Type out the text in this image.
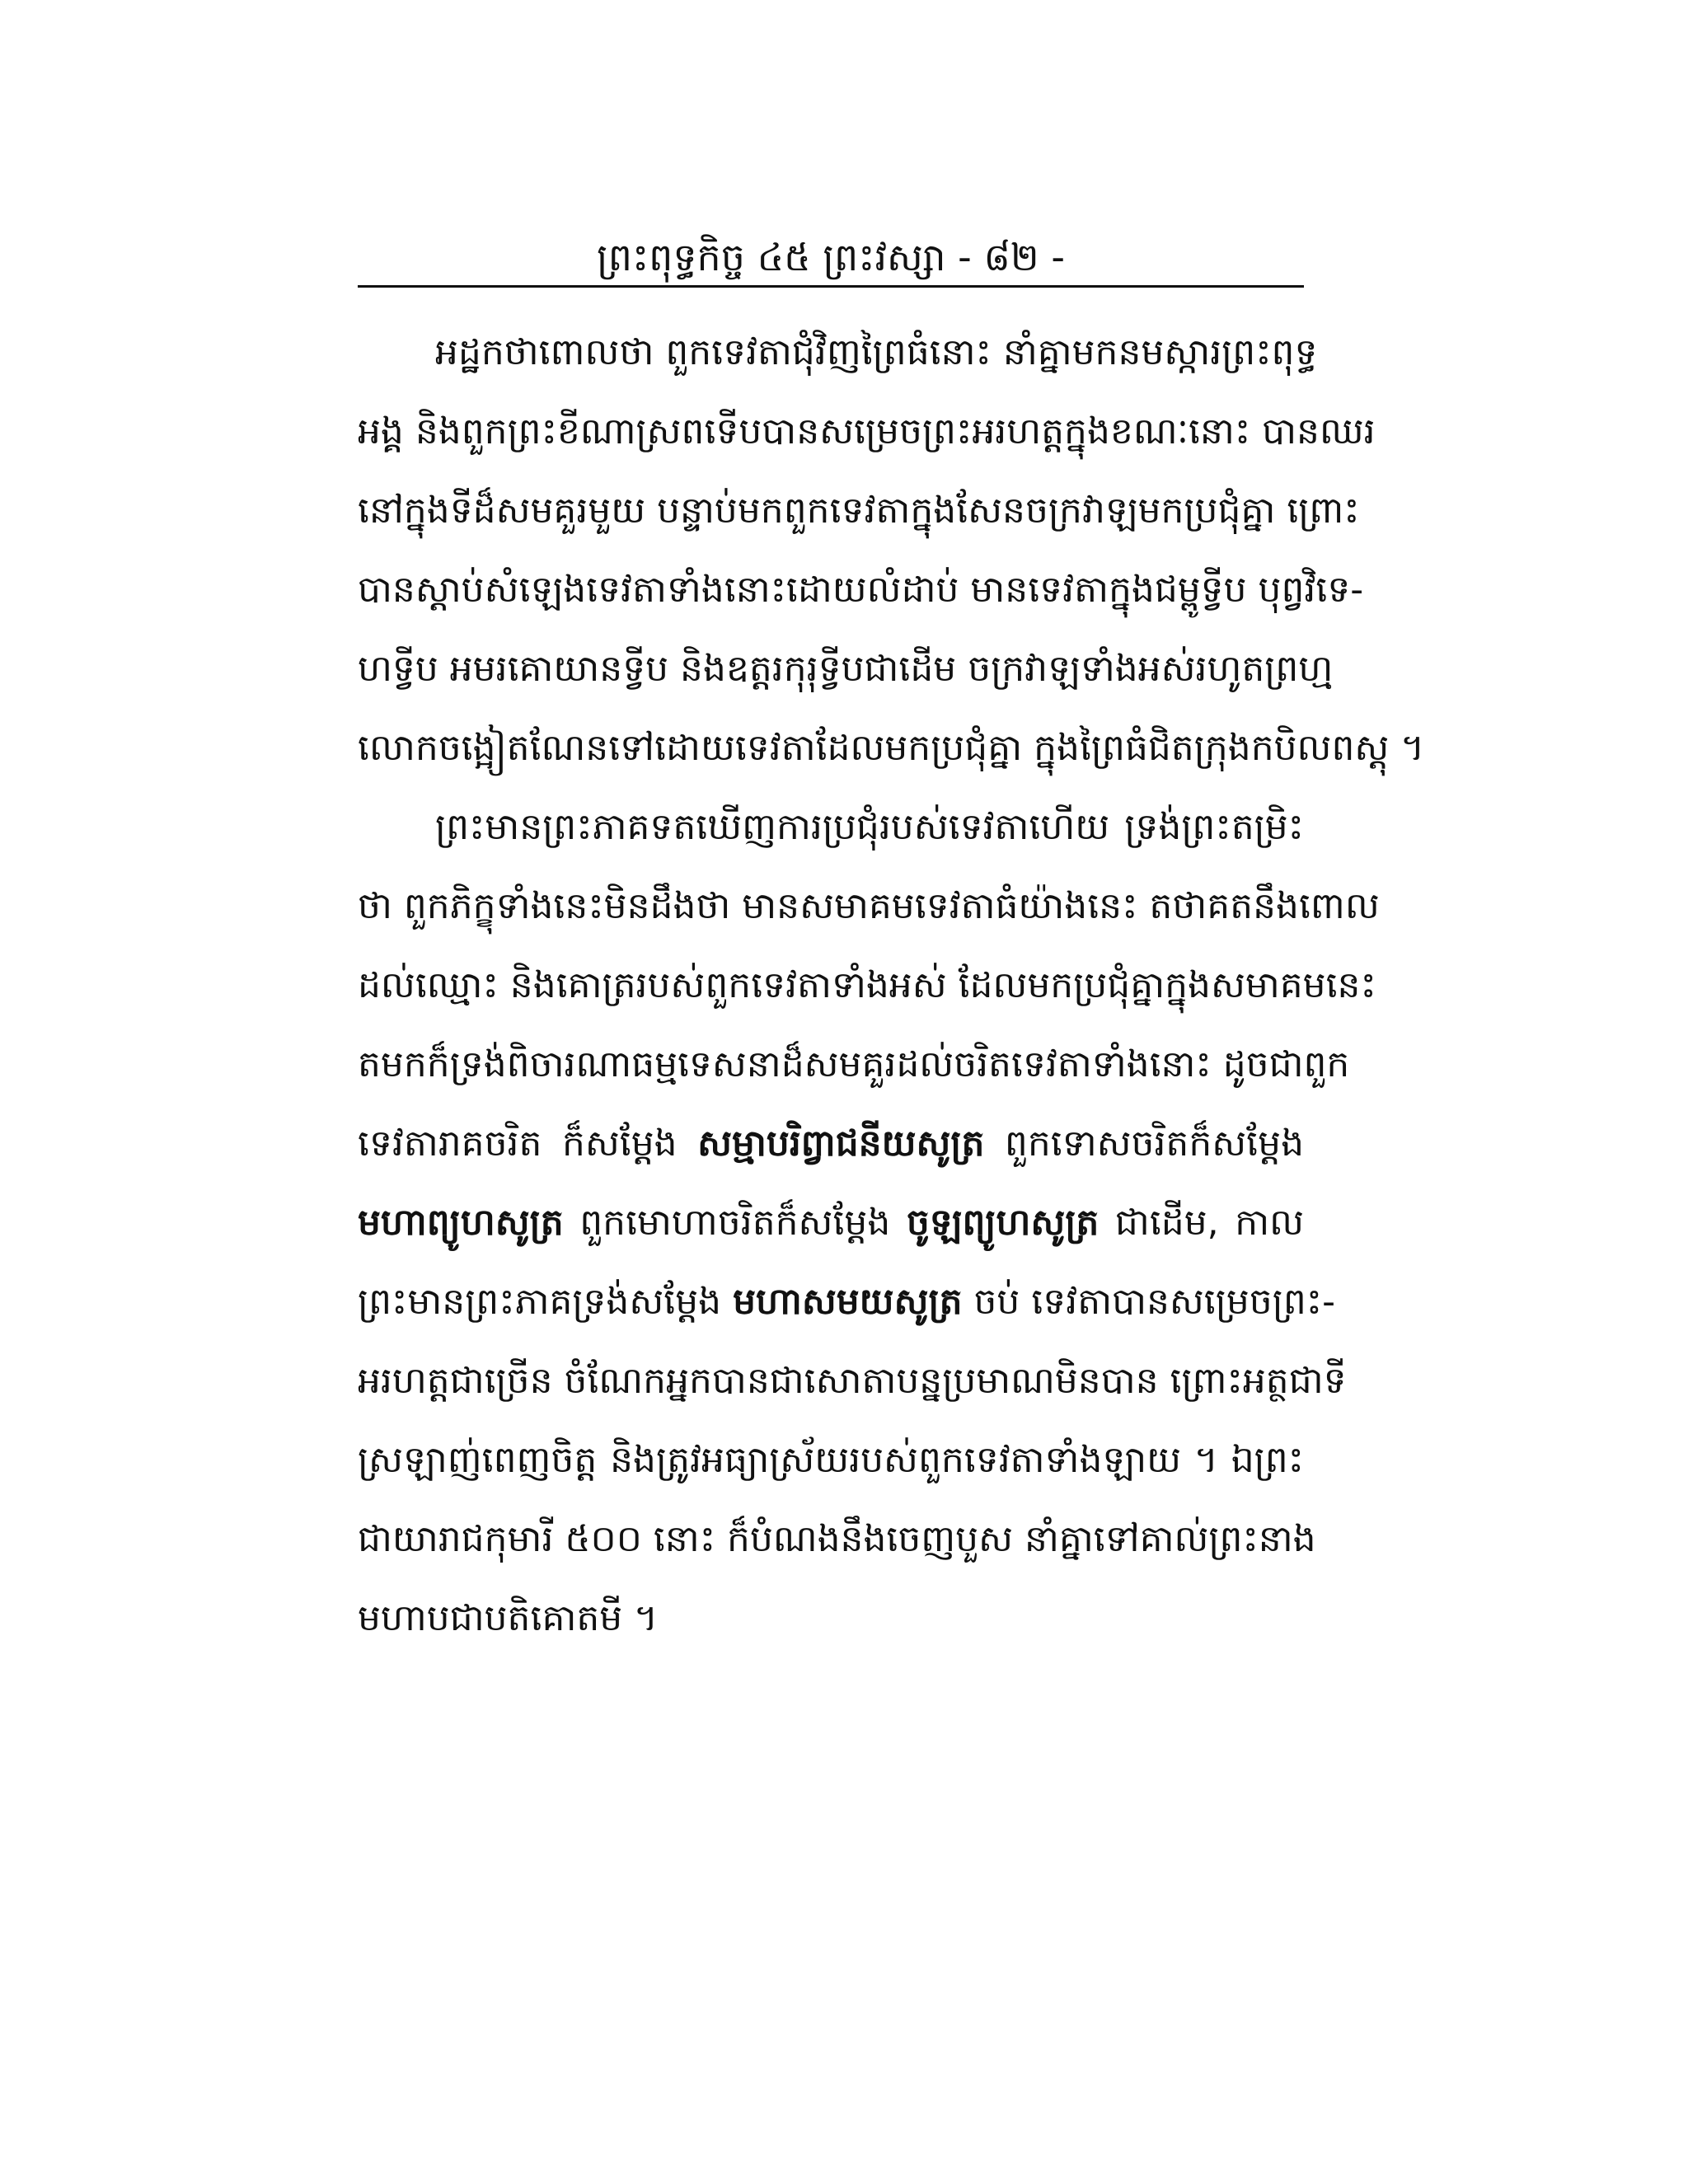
ព្រះពុទ្ធកិច្ច ៤៥ ព្រះវស្សា - ៨២ -
អដ្ឋកថាពោលថា ពួកទេវតាជុំវិញព្រៃធំនោះ នាំគ្នាមកនមស្ការព្រះពុទ្ធ
អង្គ និងពួកព្រះខីណាស្រពទើបបានសម្រេចព្រះអរហត្តក្នុងខណៈនោះ បានឈរ
នៅក្នុងទីដ៏សមគួរមួយ បន្ទាប់មកពួកទេវតាក្នុងសែនចក្រវាឡមកប្រជុំគ្នា ព្រោះ
បានស្តាប់សំឡេងទេវតាទាំងនោះដោយលំដាប់ មានទេវតាក្នុងជម្ពូទ្វីប បុព្វវិទេ-
ហទ្វីប អមរគោយានទ្វីប និងឧត្តរកុរុទ្វីបជាដើម ចក្រវាឡទាំងអស់រហូតព្រហ្ម
លោកចង្អៀតណែនទៅដោយទេវតាដែលមកប្រជុំគ្នា ក្នុងព្រៃធំជិតក្រុងកបិលពស្តុ ។
ព្រះមានព្រះភាគទតឃើញការប្រជុំរបស់ទេវតាហើយ ទ្រង់ព្រះតម្រិះ
ថា ពួកភិក្ខុទាំងនេះមិនដឹងថា មានសមាគមទេវតាធំយ៉ាងនេះ តថាគតនឹងពោល
ដល់ឈ្មោះ និងគោត្ររបស់ពួកទេវតាទាំងអស់ ដែលមកប្រជុំគ្នាក្នុងសមាគមនេះ
តមកក៏ទ្រង់ពិចារណាធម្មទេសនាដ៏សមគួរដល់ចរិតទេវតាទាំងនោះ ដូចជាពួក
ទេវតារាគចរិត ក៏សម្តែង សម្មាបរិព្វាជនីយសូត្រ ពួកទោសចរិតក៏សម្តែង
មហាព្យូហសូត្រ ពួកមោហាចរិតក៏សម្តែង ចូឡព្យូហសូត្រ ជាដើម, កាល
ព្រះមានព្រះភាគទ្រង់សម្តែង មហាសមយសូត្រ ចប់ ទេវតាបានសម្រេចព្រះ-
អរហត្តជាច្រើន ចំណែកអ្នកបានជាសោតាបន្នប្រមាណមិនបាន ព្រោះអត្ថជាទី
ស្រឡាញ់ពេញចិត្ត និងត្រូវអធ្យាស្រ័យរបស់ពួកទេវតាទាំងឡាយ ។ ឯព្រះ
ជាយារាជកុមារី ៥០០ នោះ ក៏បំណងនឹងចេញបួស នាំគ្នាទៅគាល់ព្រះនាង
មហាបជាបតិគោតមី ។
